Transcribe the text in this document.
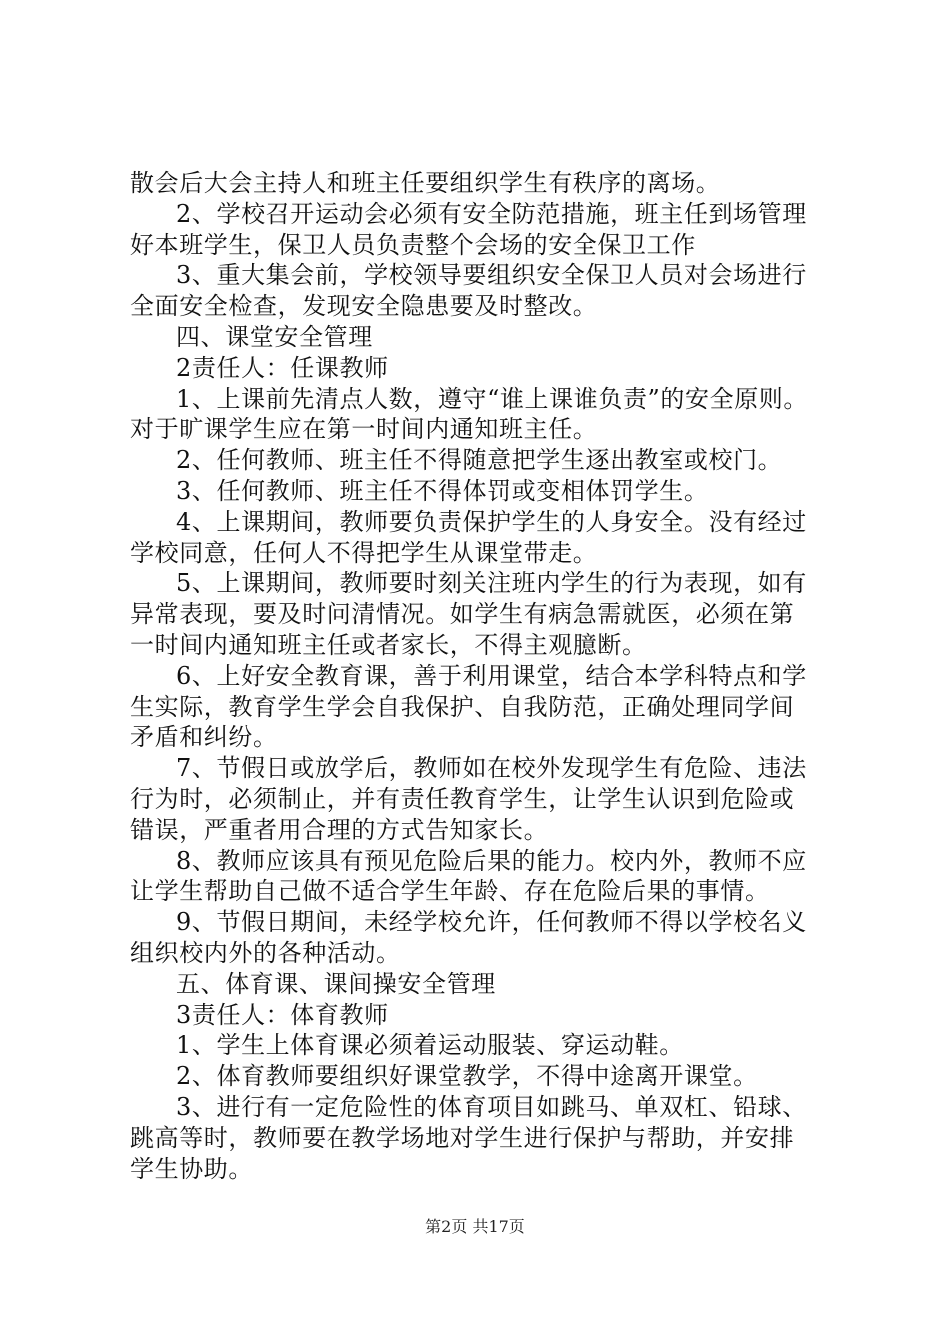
散会后大会主持人和班主任要组织学生有秩序的离场。
2、学校召开运动会必须有安全防范措施，班主任到场管理
好本班学生，保卫人员负责整个会场的安全保卫工作
3、重大集会前，学校领导要组织安全保卫人员对会场进行
全面安全检查，发现安全隐患要及时整改。
四、课堂安全管理
2责任人：任课教师
1、上课前先清点人数，遵守“谁上课谁负责”的安全原则。
对于旷课学生应在第一时间内通知班主任。
2、任何教师、班主任不得随意把学生逐出教室或校门。
3、任何教师、班主任不得体罚或变相体罚学生。
4、上课期间，教师要负责保护学生的人身安全。没有经过
学校同意，任何人不得把学生从课堂带走。
5、上课期间，教师要时刻关注班内学生的行为表现，如有
异常表现，要及时问清情况。如学生有病急需就医，必须在第
一时间内通知班主任或者家长，不得主观臆断。
6、上好安全教育课，善于利用课堂，结合本学科特点和学
生实际，教育学生学会自我保护、自我防范，正确处理同学间
矛盾和纠纷。
7、节假日或放学后，教师如在校外发现学生有危险、违法
行为时，必须制止，并有责任教育学生，让学生认识到危险或
错误，严重者用合理的方式告知家长。
8、教师应该具有预见危险后果的能力。校内外，教师不应
让学生帮助自己做不适合学生年龄、存在危险后果的事情。
9、节假日期间，未经学校允许，任何教师不得以学校名义
组织校内外的各种活动。
五、体育课、课间操安全管理
3责任人：体育教师
1、学生上体育课必须着运动服装、穿运动鞋。
2、体育教师要组织好课堂教学，不得中途离开课堂。
3、进行有一定危险性的体育项目如跳马、单双杠、铅球、
跳高等时，教师要在教学场地对学生进行保护与帮助，并安排
学生协助。
第2页 共17页
